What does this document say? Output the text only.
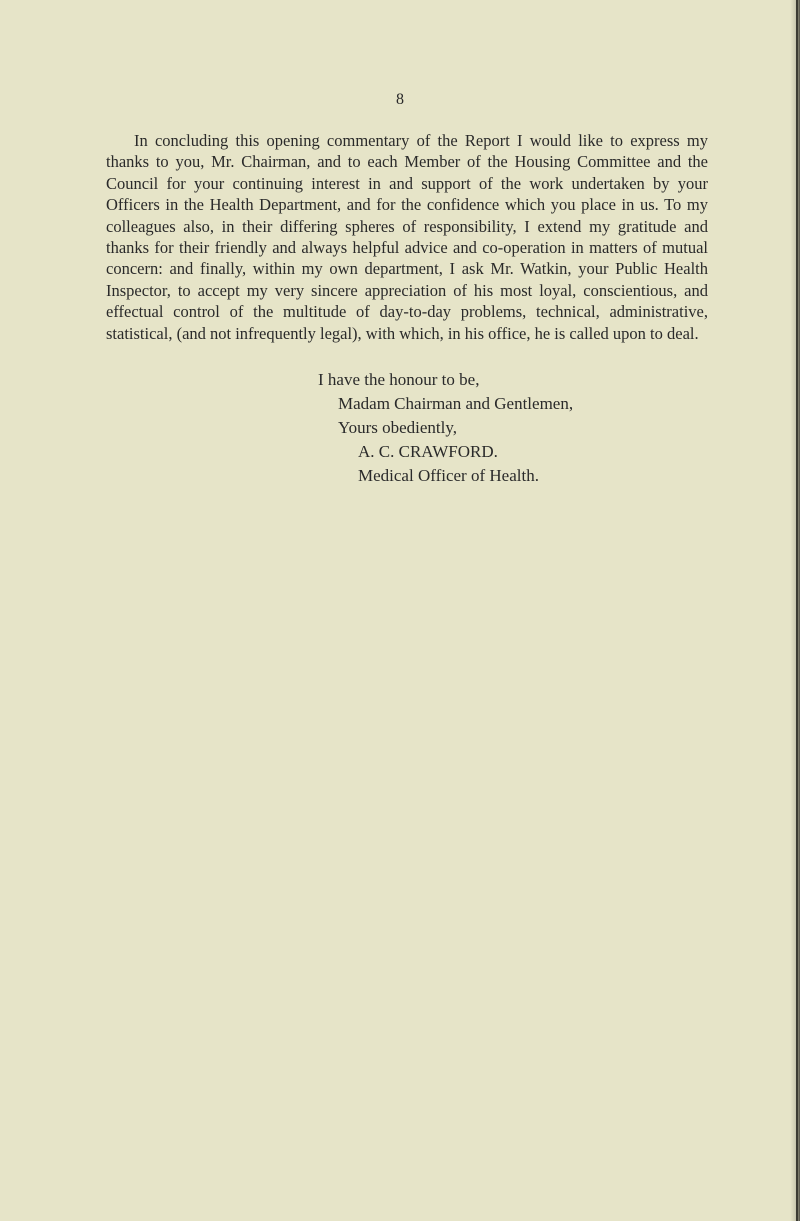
8

In concluding this opening commentary of the Report I would like to express my thanks to you, Mr. Chairman, and to each Member of the Housing Committee and the Council for your continuing interest in and support of the work undertaken by your Officers in the Health Department, and for the confidence which you place in us. To my colleagues also, in their differing spheres of responsibility, I extend my gratitude and thanks for their friendly and always helpful advice and co-operation in matters of mutual concern: and finally, within my own department, I ask Mr. Watkin, your Public Health Inspector, to accept my very sincere appreciation of his most loyal, conscientious, and effectual control of the multitude of day-to-day problems, technical, administrative, statistical, (and not infrequently legal), with which, in his office, he is called upon to deal.

I have the honour to be,
Madam Chairman and Gentlemen,
Yours obediently,
A. C. CRAWFORD.
Medical Officer of Health.
